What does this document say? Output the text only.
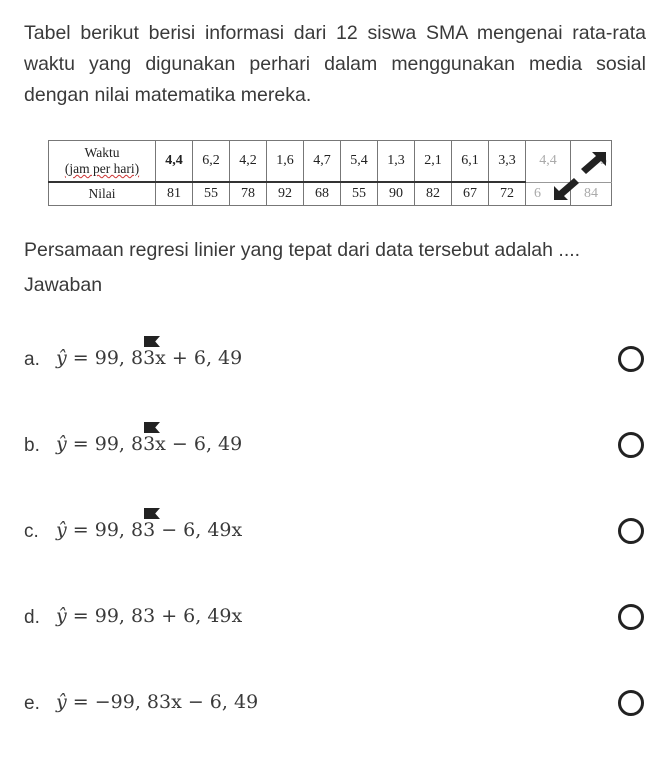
Tabel berikut berisi informasi dari 12 siswa SMA mengenai rata-rata waktu yang digunakan perhari dalam menggunakan media sosial dengan nilai matematika mereka.
Waktu
(jam per hari)	4,4	6,2	4,2	1,6	4,7	5,4	1,3	2,1	6,1	3,3	4,4	
Nilai	81	55	78	92	68	55	90	82	67	72	6	84
Persamaan regresi linier yang tepat dari data tersebut adalah ....
Jawaban
a. ŷ = 99, 83x + 6, 49
b. ŷ = 99, 83x − 6, 49
c. ŷ = 99, 83 − 6, 49x
d. ŷ = 99, 83 + 6, 49x
e. ŷ = −99, 83x − 6, 49
